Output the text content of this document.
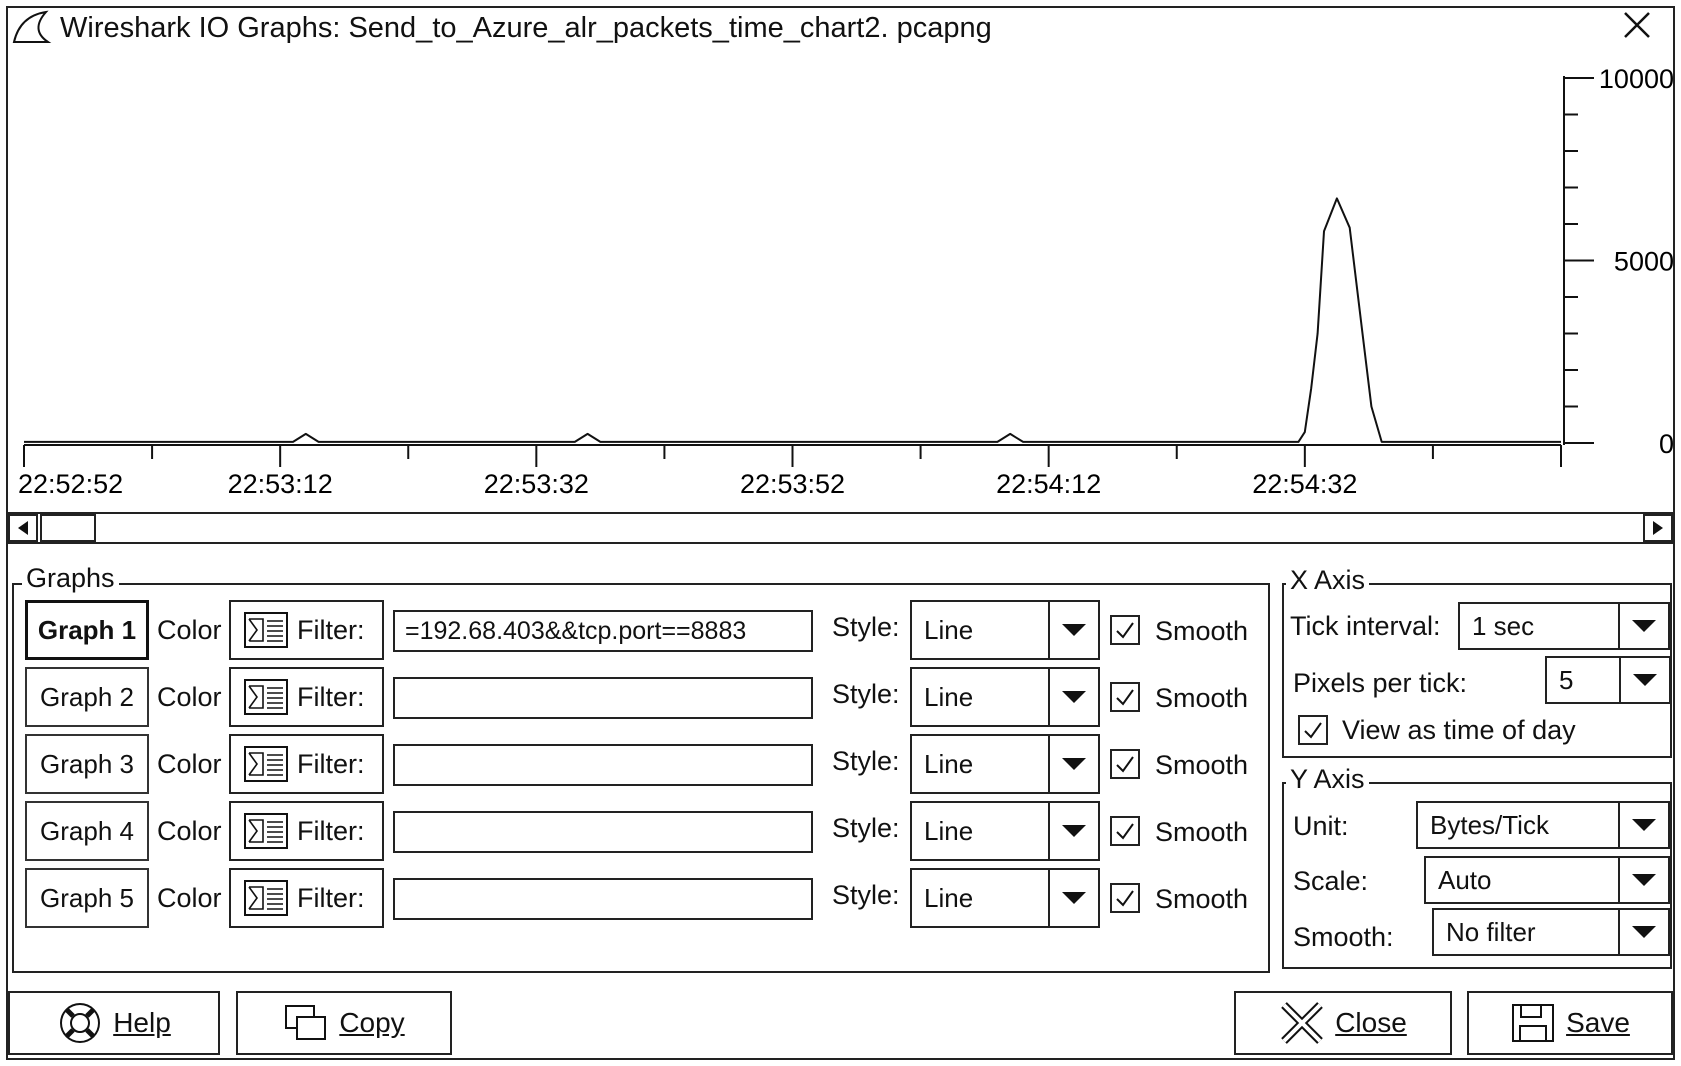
Wireshark IO Graphs: Send_to_Azure_alr_packets_time_chart2. pcapng
22:52:52	22:53:12	22:53:32	22:53:52	22:54:12	22:54:32
0
5000
10000
Graphs
Graph 1 Color	Filter:	=192.68.403&&tcp.port==8883	Style: Line	Smooth
Graph 2 Color	Filter:	Style: Line	Smooth
Graph 3 Color	Filter:	Style: Line	Smooth
Graph 4 Color	Filter:	Style: Line	Smooth
Graph 5 Color	Filter:	Style: Line	Smooth
X Axis
Tick interval:	1 sec
Pixels per tick:	5
View as time of day
Y Axis
Unit:	Bytes/Tick
Scale:	Auto
Smooth:	No filter
Help	Copy	Close	Save
